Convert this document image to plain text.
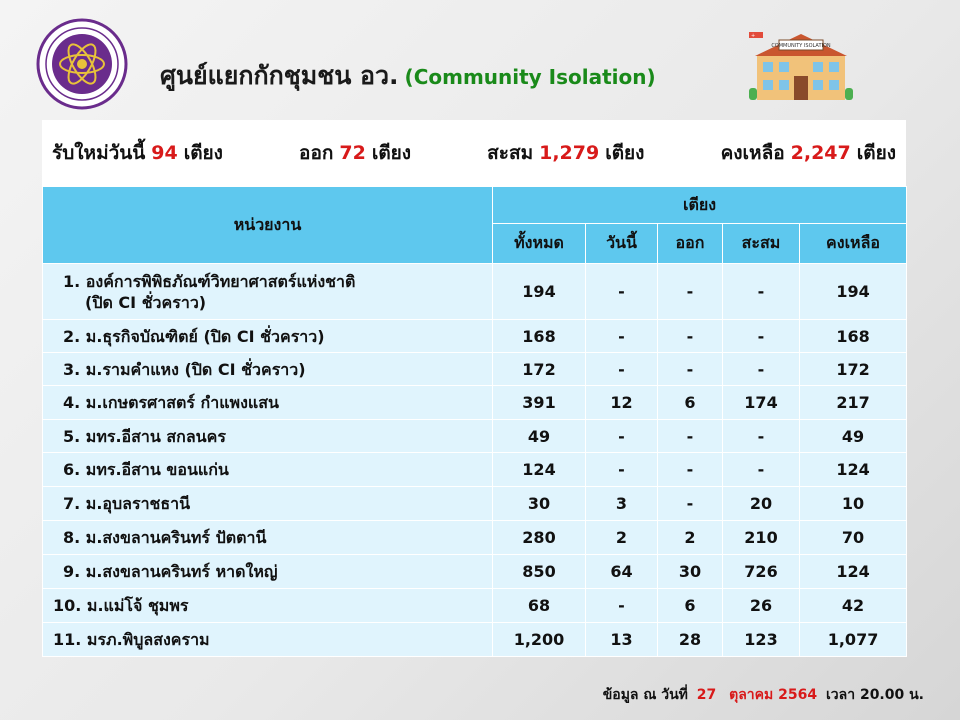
ศูนย์แยกกักชุมชน อว. (Community Isolation)
+
COMMUNITY ISOLATION
รับใหม่วันนี้ 94 เตียง	ออก 72 เตียง	สะสม 1,279 เตียง	คงเหลือ 2,247 เตียง
หน่วยงาน	เตียง				
	ทั้งหมด	วันนี้	ออก	สะสม	คงเหลือ
1. องค์การพิพิธภัณฑ์วิทยาศาสตร์แห่งชาติ
(ปิด CI ชั่วคราว)	194	-	-	-	194
2. ม.ธุรกิจบัณฑิตย์ (ปิด CI ชั่วคราว)	168	-	-	-	168
3. ม.รามคำแหง (ปิด CI ชั่วคราว)	172	-	-	-	172
4. ม.เกษตรศาสตร์ กำแพงแสน	391	12	6	174	217
5. มทร.อีสาน สกลนคร	49	-	-	-	49
6. มทร.อีสาน ขอนแก่น	124	-	-	-	124
7. ม.อุบลราชธานี	30	3	-	20	10
8. ม.สงขลานครินทร์ ปัตตานี	280	2	2	210	70
9. ม.สงขลานครินทร์ หาดใหญ่	850	64	30	726	124
10. ม.แม่โจ้ ชุมพร	68	-	6	26	42
11. มรภ.พิบูลสงคราม	1,200	13	28	123	1,077
ข้อมูล ณ วันที่ 27 ตุลาคม 2564 เวลา 20.00 น.
